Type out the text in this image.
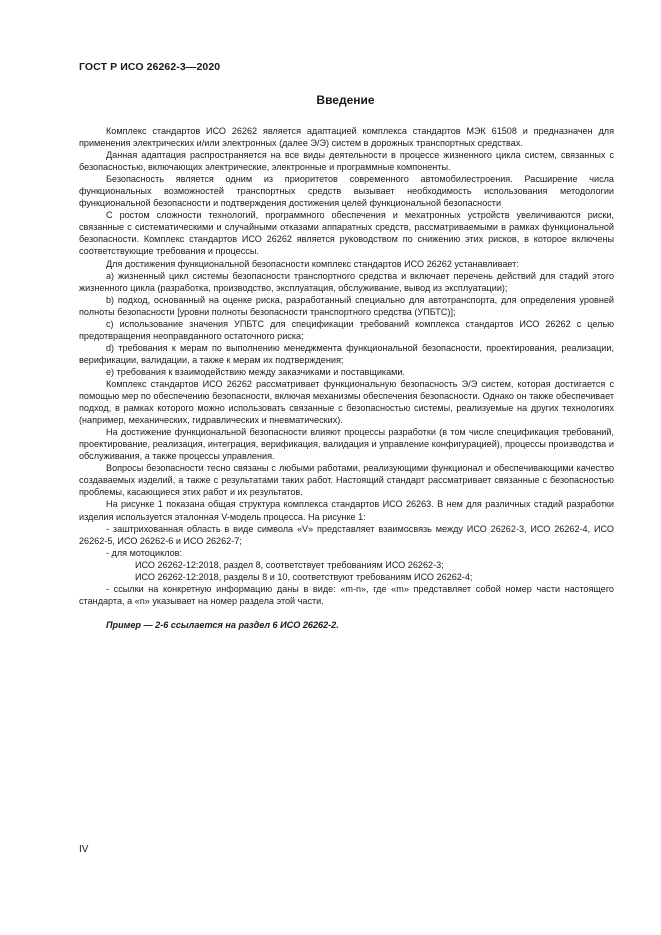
ГОСТ Р ИСО 26262-3—2020
Введение

Комплекс стандартов ИСО 26262 является адаптацией комплекса стандартов МЭК 61508 и предназначен для применения электрических и/или электронных (далее Э/Э) систем в дорожных транспортных средствах.

Данная адаптация распространяется на все виды деятельности в процессе жизненного цикла систем, связанных с безопасностью, включающих электрические, электронные и программные компоненты.

Безопасность является одним из приоритетов современного автомобилестроения. Расширение числа функциональных возможностей транспортных средств вызывает необходимость использования методологии функциональной безопасности и подтверждения достижения целей функциональной безопасности

С ростом сложности технологий, программного обеспечения и мехатронных устройств увеличиваются риски, связанные с систематическими и случайными отказами аппаратных средств, рассматриваемыми в рамках функциональной безопасности. Комплекс стандартов ИСО 26262 является руководством по снижению этих рисков, в которое включены соответствующие требования и процессы.

Для достижения функциональной безопасности комплекс стандартов ИСО 26262 устанавливает:

a) жизненный цикл системы безопасности транспортного средства и включает перечень действий для стадий этого жизненного цикла (разработка, производство, эксплуатация, обслуживание, вывод из эксплуатации);

b) подход, основанный на оценке риска, разработанный специально для автотранспорта, для определения уровней полноты безопасности [уровни полноты безопасности транспортного средства (УПБТС)];

c) использование значения УПБТС для спецификации требований комплекса стандартов ИСО 26262 с целью предотвращения неоправданного остаточного риска;

d) требования к мерам по выполнению менеджмента функциональной безопасности, проектирования, реализации, верификации, валидации, а также к мерам их подтверждения;

e) требования к взаимодействию между заказчиками и поставщиками.

Комплекс стандартов ИСО 26262 рассматривает функциональную безопасность Э/Э систем, которая достигается с помощью мер по обеспечению безопасности, включая механизмы обеспечения безопасности. Однако он также обеспечивает подход, в рамках которого можно использовать связанные с безопасностью системы, реализуемые на других технологиях (например, механических, гидравлических и пневматических).

На достижение функциональной безопасности влияют процессы разработки (в том числе спецификация требований, проектирование, реализация, интеграция, верификация, валидация и управление конфигурацией), процессы производства и обслуживания, а также процессы управления.

Вопросы безопасности тесно связаны с любыми работами, реализующими функционал и обеспечивающими качество создаваемых изделий, а также с результатами таких работ. Настоящий стандарт рассматривает связанные с безопасностью проблемы, касающиеся этих работ и их результатов.

На рисунке 1 показана общая структура комплекса стандартов ИСО 26263. В нем для различных стадий разработки изделия используется эталонная V-модель процесса. На рисунке 1:

- заштрихованная область в виде символа «V» представляет взаимосвязь между ИСО 26262-3, ИСО 26262-4, ИСО 26262-5, ИСО 26262-6 и ИСО 26262-7;

- для мотоциклов:

ИСО 26262-12:2018, раздел 8, соответствует требованиям ИСО 26262-3;

ИСО 26262-12:2018, разделы 8 и 10, соответствуют требованиям ИСО 26262-4;

- ссылки на конкретную информацию даны в виде: «m-n», где «m» представляет собой номер части настоящего стандарта, а «n» указывает на номер раздела этой части.

Пример — 2-6 ссылается на раздел 6 ИСО 26262-2.

IV
